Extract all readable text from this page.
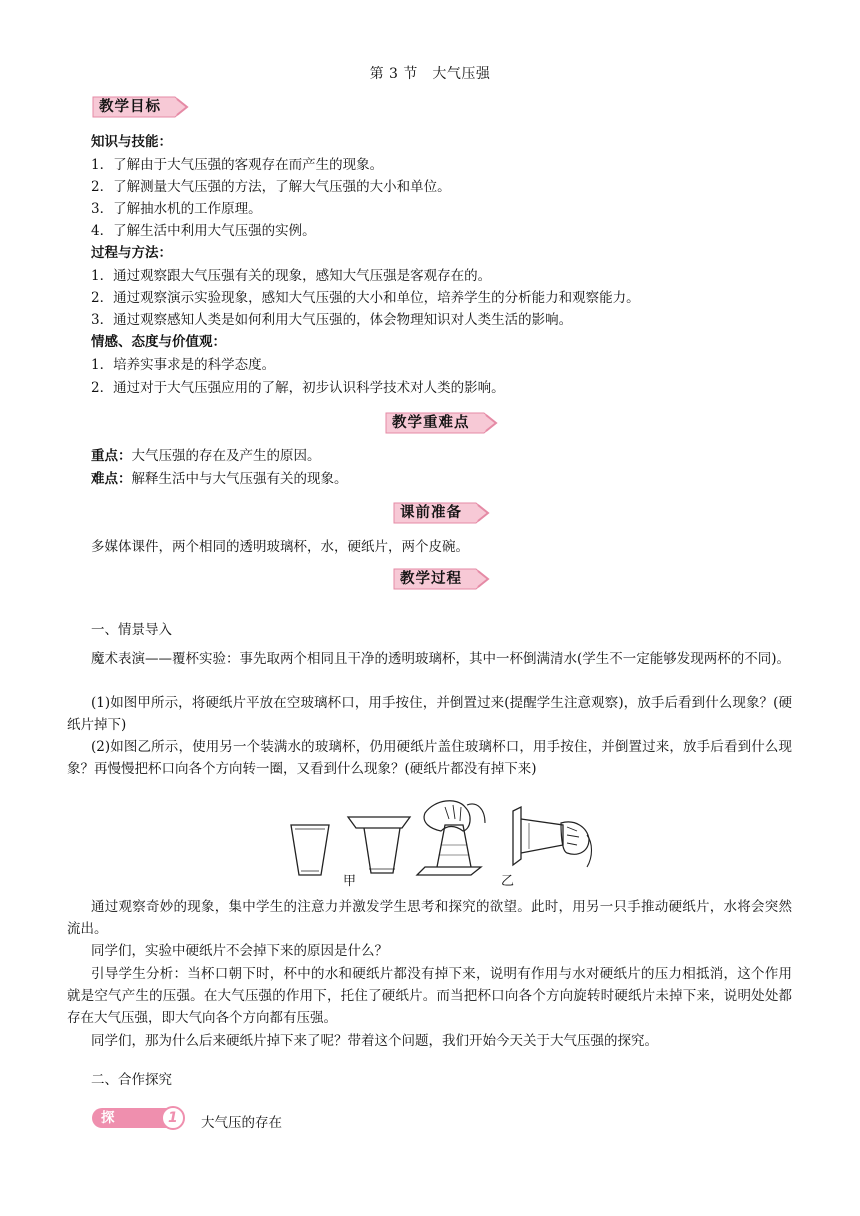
第 3 节　大气压强
教学目标
知识与技能：
1．了解由于大气压强的客观存在而产生的现象。
2．了解测量大气压强的方法，了解大气压强的大小和单位。
3．了解抽水机的工作原理。
4．了解生活中利用大气压强的实例。
过程与方法：
1．通过观察跟大气压强有关的现象，感知大气压强是客观存在的。
2．通过观察演示实验现象，感知大气压强的大小和单位，培养学生的分析能力和观察能力。
3．通过观察感知人类是如何利用大气压强的，体会物理知识对人类生活的影响。
情感、态度与价值观：
1．培养实事求是的科学态度。
2．通过对于大气压强应用的了解，初步认识科学技术对人类的影响。
教学重难点
重点：大气压强的存在及产生的原因。
难点：解释生活中与大气压强有关的现象。
课前准备
多媒体课件，两个相同的透明玻璃杯，水，硬纸片，两个皮碗。
教学过程
一、情景导入
魔术表演——覆杯实验：事先取两个相同且干净的透明玻璃杯，其中一杯倒满清水(学生不一定能够发现两杯的不同)。
(1)如图甲所示，将硬纸片平放在空玻璃杯口，用手按住，并倒置过来(提醒学生注意观察)，放手后看到什么现象？(硬纸片掉下)
(2)如图乙所示，使用另一个装满水的玻璃杯，仍用硬纸片盖住玻璃杯口，用手按住，并倒置过来，放手后看到什么现象？再慢慢把杯口向各个方向转一圈，又看到什么现象？(硬纸片都没有掉下来)
甲	乙
通过观察奇妙的现象，集中学生的注意力并激发学生思考和探究的欲望。此时，用另一只手推动硬纸片，水将会突然流出。
同学们，实验中硬纸片不会掉下来的原因是什么？
引导学生分析：当杯口朝下时，杯中的水和硬纸片都没有掉下来，说明有作用与水对硬纸片的压力相抵消，这个作用就是空气产生的压强。在大气压强的作用下，托住了硬纸片。而当把杯口向各个方向旋转时硬纸片未掉下来，说明处处都存在大气压强，即大气向各个方向都有压强。
同学们，那为什么后来硬纸片掉下来了呢？带着这个问题，我们开始今天关于大气压强的探究。
二、合作探究
探究点
1 大气压的存在
